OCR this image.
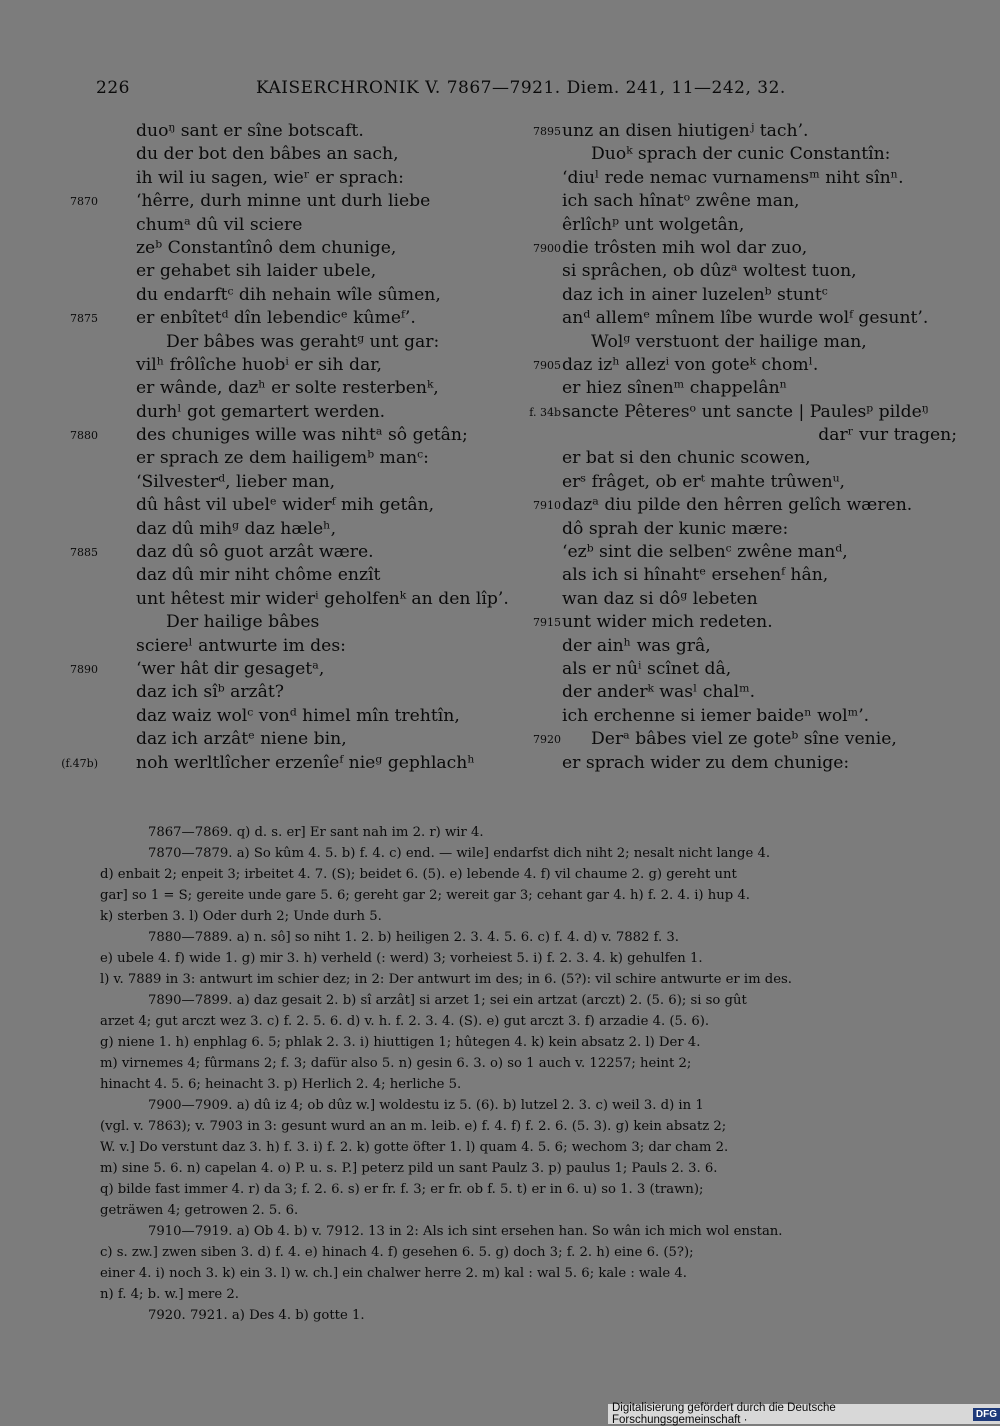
226	KAISERCHRONIK V. 7867—7921. Diem. 241, 11—242, 32.
duoᵑ sant er sîne botscaft.
du der bot den bâbes an sach,
ih wil iu sagen, wieʳ er sprach:
7870 ‘hêrre, durh minne unt durh liebe
chumᵃ dû vil sciere
zeᵇ Constantînô dem chunige,
er gehabet sih laider ubele,
du endarftᶜ dih nehain wîle sûmen,
7875 er enbîtetᵈ dîn lebendicᵉ kûmeᶠ’.
Der bâbes was gerahtᵍ unt gar:
vilʰ frôlîche huobⁱ er sih dar,
er wânde, dazʰ er solte resterbenᵏ,
durhˡ got gemartert werden.
7880 des chuniges wille was nihtᵃ sô getân;
er sprach ze dem hailigemᵇ manᶜ:
‘Silvesterᵈ, lieber man,
dû hâst vil ubelᵉ widerᶠ mih getân,
daz dû mihᵍ daz hæleʰ,
7885 daz dû sô guot arzât wære.
daz dû mir niht chôme enzît
unt hêtest mir widerⁱ geholfenᵏ an den lîp’.
Der hailige bâbes
sciereˡ antwurte im des:
7890 ‘wer hât dir gesagetᵃ,
daz ich sîᵇ arzât?
daz waiz wolᶜ vonᵈ himel mîn trehtîn,
daz ich arzâtᵉ niene bin,
(f.47b) noh werltlîcher erzenîeᶠ nieᵍ gephlachʰ
7895 unz an disen hiutigenʲ tach’.
Duoᵏ sprach der cunic Constantîn:
‘diuˡ rede nemac vurnamensᵐ niht sînⁿ.
ich sach hînatᵒ zwêne man,
êrlîchᵖ unt wolgetân,
7900 die trôsten mih wol dar zuo,
si sprâchen, ob dûzᵃ woltest tuon,
daz ich in ainer luzelenᵇ stuntᶜ
anᵈ allemᵉ mînem lîbe wurde wolᶠ gesunt’.
Wolᵍ verstuont der hailige man,
7905 daz izʰ allezⁱ von goteᵏ chomˡ.
er hiez sînenᵐ chappelânⁿ
f. 34b sancte Pêteresᵒ unt sancte | Paulesᵖ pildeᵑ
darʳ vur tragen;
er bat si den chunic scowen,
erˢ frâget, ob erᵗ mahte trûwenᵘ,
7910 dazᵃ diu pilde den hêrren gelîch wæren.
dô sprah der kunic mære:
‘ezᵇ sint die selbenᶜ zwêne manᵈ,
als ich si hînahtᵉ ersehenᶠ hân,
wan daz si dôᵍ lebeten
7915 unt wider mich redeten.
der ainʰ was grâ,
als er nûⁱ scînet dâ,
der anderᵏ wasˡ chalᵐ.
ich erchenne si iemer baideⁿ wolᵐ’.
7920 Derᵃ bâbes viel ze goteᵇ sîne venie,
er sprach wider zu dem chunige:
7867—7869. q) d. s. er] Er sant nah im 2. r) wir 4.
7870—7879. a) So kûm 4. 5. b) f. 4. c) end. — wile] endarfst dich niht 2; nesalt nicht lange 4.
d) enbait 2; enpeit 3; irbeitet 4. 7. (S); beidet 6. (5). e) lebende 4. f) vil chaume 2. g) gereht unt
gar] so 1 = S; gereite unde gare 5. 6; gereht gar 2; wereit gar 3; cehant gar 4. h) f. 2. 4. i) hup 4.
k) sterben 3. l) Oder durh 2; Unde durh 5.
7880—7889. a) n. sô] so niht 1. 2. b) heiligen 2. 3. 4. 5. 6. c) f. 4. d) v. 7882 f. 3.
e) ubele 4. f) wide 1. g) mir 3. h) verheld (: werd) 3; vorheiest 5. i) f. 2. 3. 4. k) gehulfen 1.
l) v. 7889 in 3: antwurt im schier dez; in 2: Der antwurt im des; in 6. (5?): vil schire antwurte er im des.
7890—7899. a) daz gesait 2. b) sî arzât] si arzet 1; sei ein artzat (arczt) 2. (5. 6); si so gût
arzet 4; gut arczt wez 3. c) f. 2. 5. 6. d) v. h. f. 2. 3. 4. (S). e) gut arczt 3. f) arzadie 4. (5. 6).
g) niene 1. h) enphlag 6. 5; phlak 2. 3. i) hiuttigen 1; hûtegen 4. k) kein absatz 2. l) Der 4.
m) virnemes 4; fûrmans 2; f. 3; dafür also 5. n) gesin 6. 3. o) so 1 auch v. 12257; heint 2;
hinacht 4. 5. 6; heinacht 3. p) Herlich 2. 4; herliche 5.
7900—7909. a) dû iz 4; ob dûz w.] woldestu iz 5. (6). b) lutzel 2. 3. c) weil 3. d) in 1
(vgl. v. 7863); v. 7903 in 3: gesunt wurd an an m. leib. e) f. 4. f) f. 2. 6. (5. 3). g) kein absatz 2;
W. v.] Do verstunt daz 3. h) f. 3. i) f. 2. k) gotte öfter 1. l) quam 4. 5. 6; wechom 3; dar cham 2.
m) sine 5. 6. n) capelan 4. o) P. u. s. P.] peterz pild un sant Paulz 3. p) paulus 1; Pauls 2. 3. 6.
q) bilde fast immer 4. r) da 3; f. 2. 6. s) er fr. f. 3; er fr. ob f. 5. t) er in 6. u) so 1. 3 (trawn);
geträwen 4; getrowen 2. 5. 6.
7910—7919. a) Ob 4. b) v. 7912. 13 in 2: Als ich sint ersehen han. So wân ich mich wol enstan.
c) s. zw.] zwen siben 3. d) f. 4. e) hinach 4. f) gesehen 6. 5. g) doch 3; f. 2. h) eine 6. (5?);
einer 4. i) noch 3. k) ein 3. l) w. ch.] ein chalwer herre 2. m) kal : wal 5. 6; kale : wale 4.
n) f. 4; b. w.] mere 2.
7920. 7921. a) Des 4. b) gotte 1.
Digitalisierung gefördert durch die Deutsche Forschungsgemeinschaft ·	DFG
